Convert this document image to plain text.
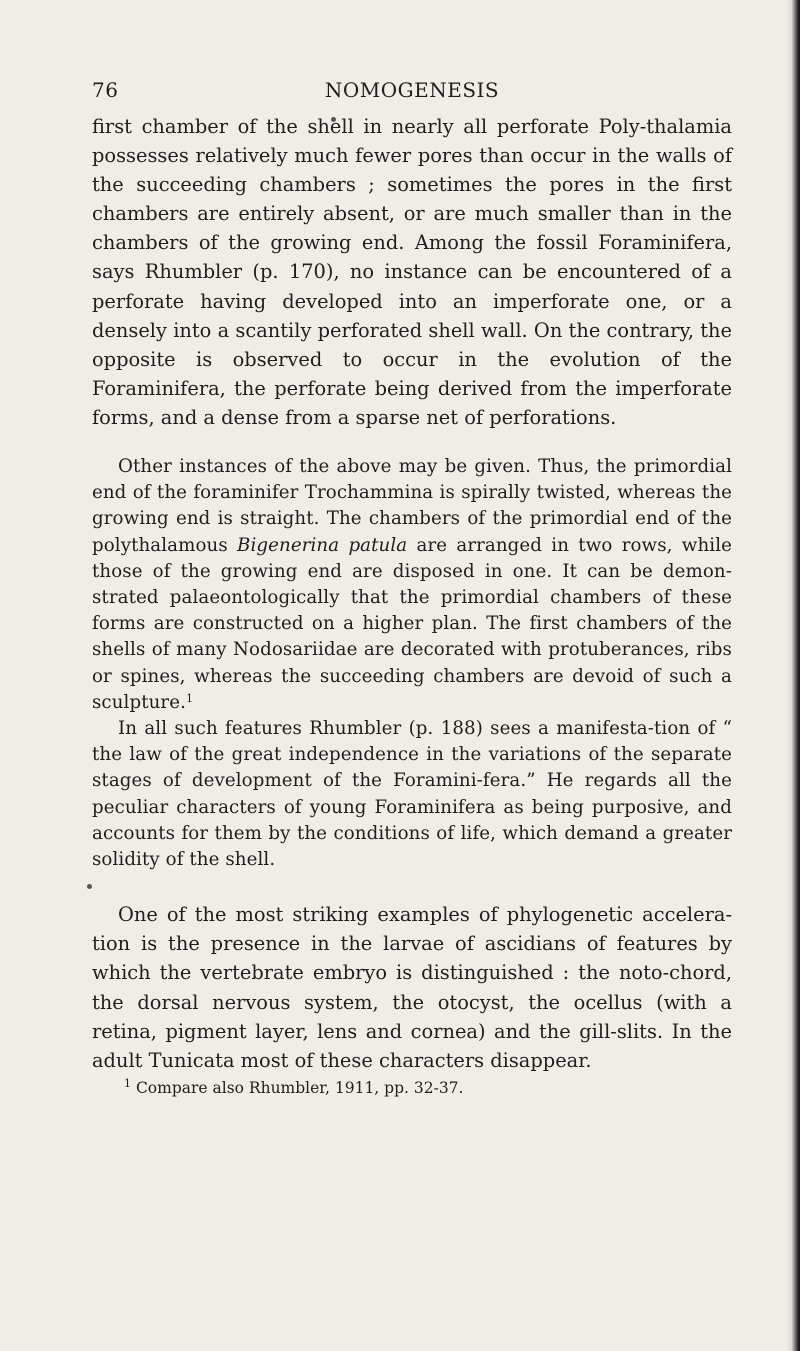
76	NOMOGENESIS

first chamber of the shell in nearly all perforate Poly-thalamia possesses relatively much fewer pores than occur in the walls of the succeeding chambers ; sometimes the pores in the first chambers are entirely absent, or are much smaller than in the chambers of the growing end. Among the fossil Foraminifera, says Rhumbler (p. 170), no instance can be encountered of a perforate having developed into an imperforate one, or a densely into a scantily perforated shell wall. On the contrary, the opposite is observed to occur in the evolution of the Foraminifera, the perforate being derived from the imperforate forms, and a dense from a sparse net of perforations.

Other instances of the above may be given. Thus, the primordial end of the foraminifer Trochammina is spirally twisted, whereas the growing end is straight. The chambers of the primordial end of the polythalamous Bigenerina patula are arranged in two rows, while those of the growing end are disposed in one. It can be demon-strated palaeontologically that the primordial chambers of these forms are constructed on a higher plan. The first chambers of the shells of many Nodosariidae are decorated with protuberances, ribs or spines, whereas the succeeding chambers are devoid of such a sculpture.$^1$

In all such features Rhumbler (p. 188) sees a manifesta-tion of “ the law of the great independence in the variations of the separate stages of development of the Foramini-fera.” He regards all the peculiar characters of young Foraminifera as being purposive, and accounts for them by the conditions of life, which demand a greater solidity of the shell.

One of the most striking examples of phylogenetic accelera-tion is the presence in the larvae of ascidians of features by which the vertebrate embryo is distinguished : the noto-chord, the dorsal nervous system, the otocyst, the ocellus (with a retina, pigment layer, lens and cornea) and the gill-slits. In the adult Tunicata most of these characters disappear.

$^1$ Compare also Rhumbler, 1911, pp. 32-37.
